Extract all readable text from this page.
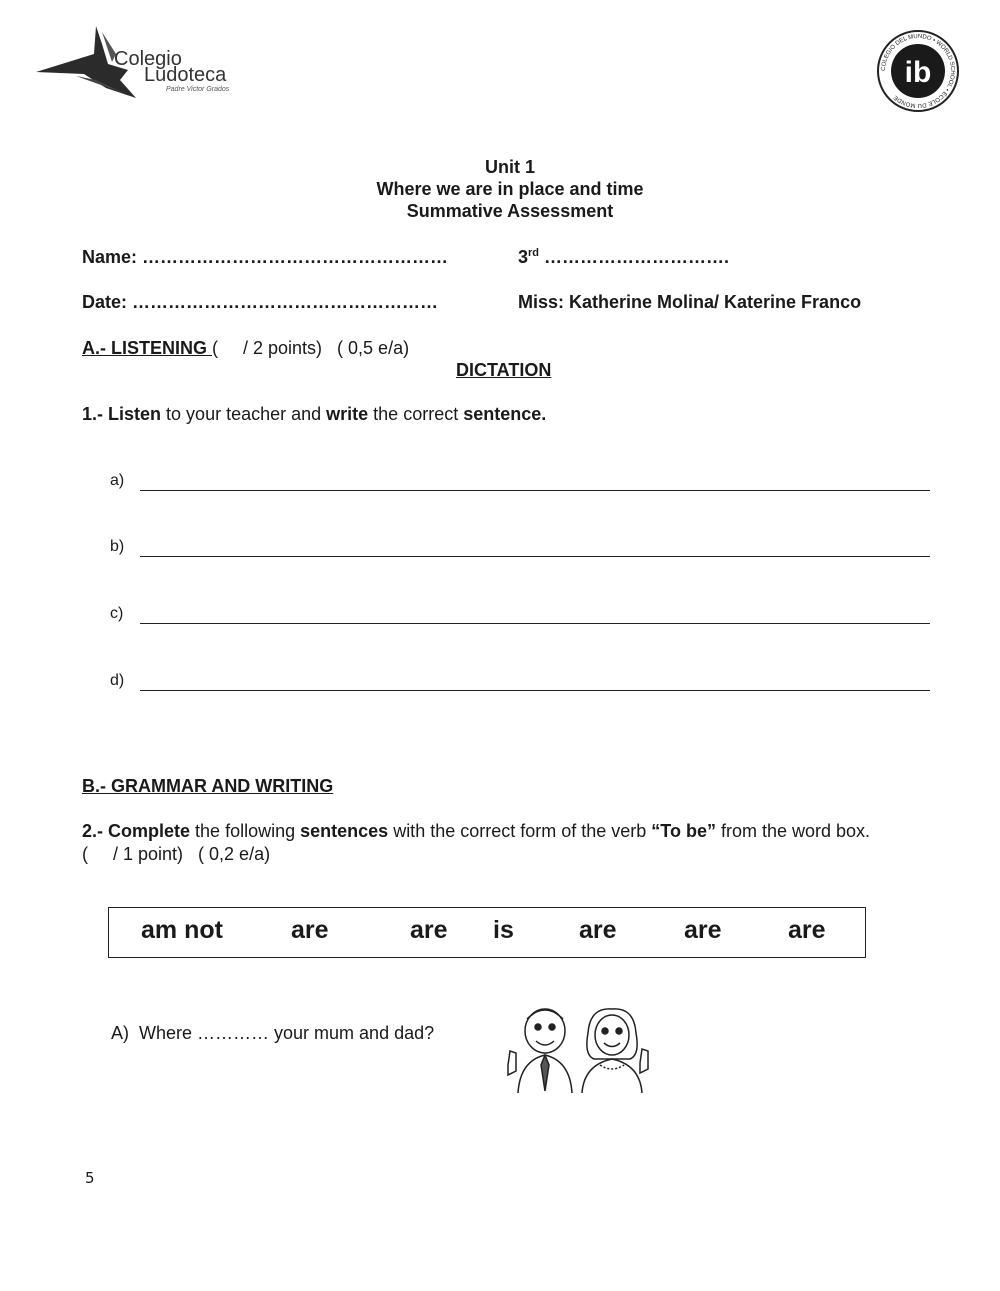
Colegio
Ludoteca
Padre Victor Grados
COLEGIO DEL MUNDO • WORLD SCHOOL • ÉCOLE DU MONDE
ib
Unit 1
Where we are in place and time
Summative Assessment
Name: ……………………………………………	3rd ………………………….
Date: ……………………………………………	Miss: Katherine Molina/ Katerine Franco
A.- LISTENING (     / 2 points)   ( 0,5 e/a)
DICTATION
1.- Listen to your teacher and write the correct sentence.
a)
b)
c)
d)
B.- GRAMMAR AND WRITING
2.- Complete the following sentences with the correct form of the verb “To be” from the word box.
(     / 1 point)   ( 0,2 e/a)
am not	are	are is	are	are	are
A) Where ………… your mum and dad?
5
